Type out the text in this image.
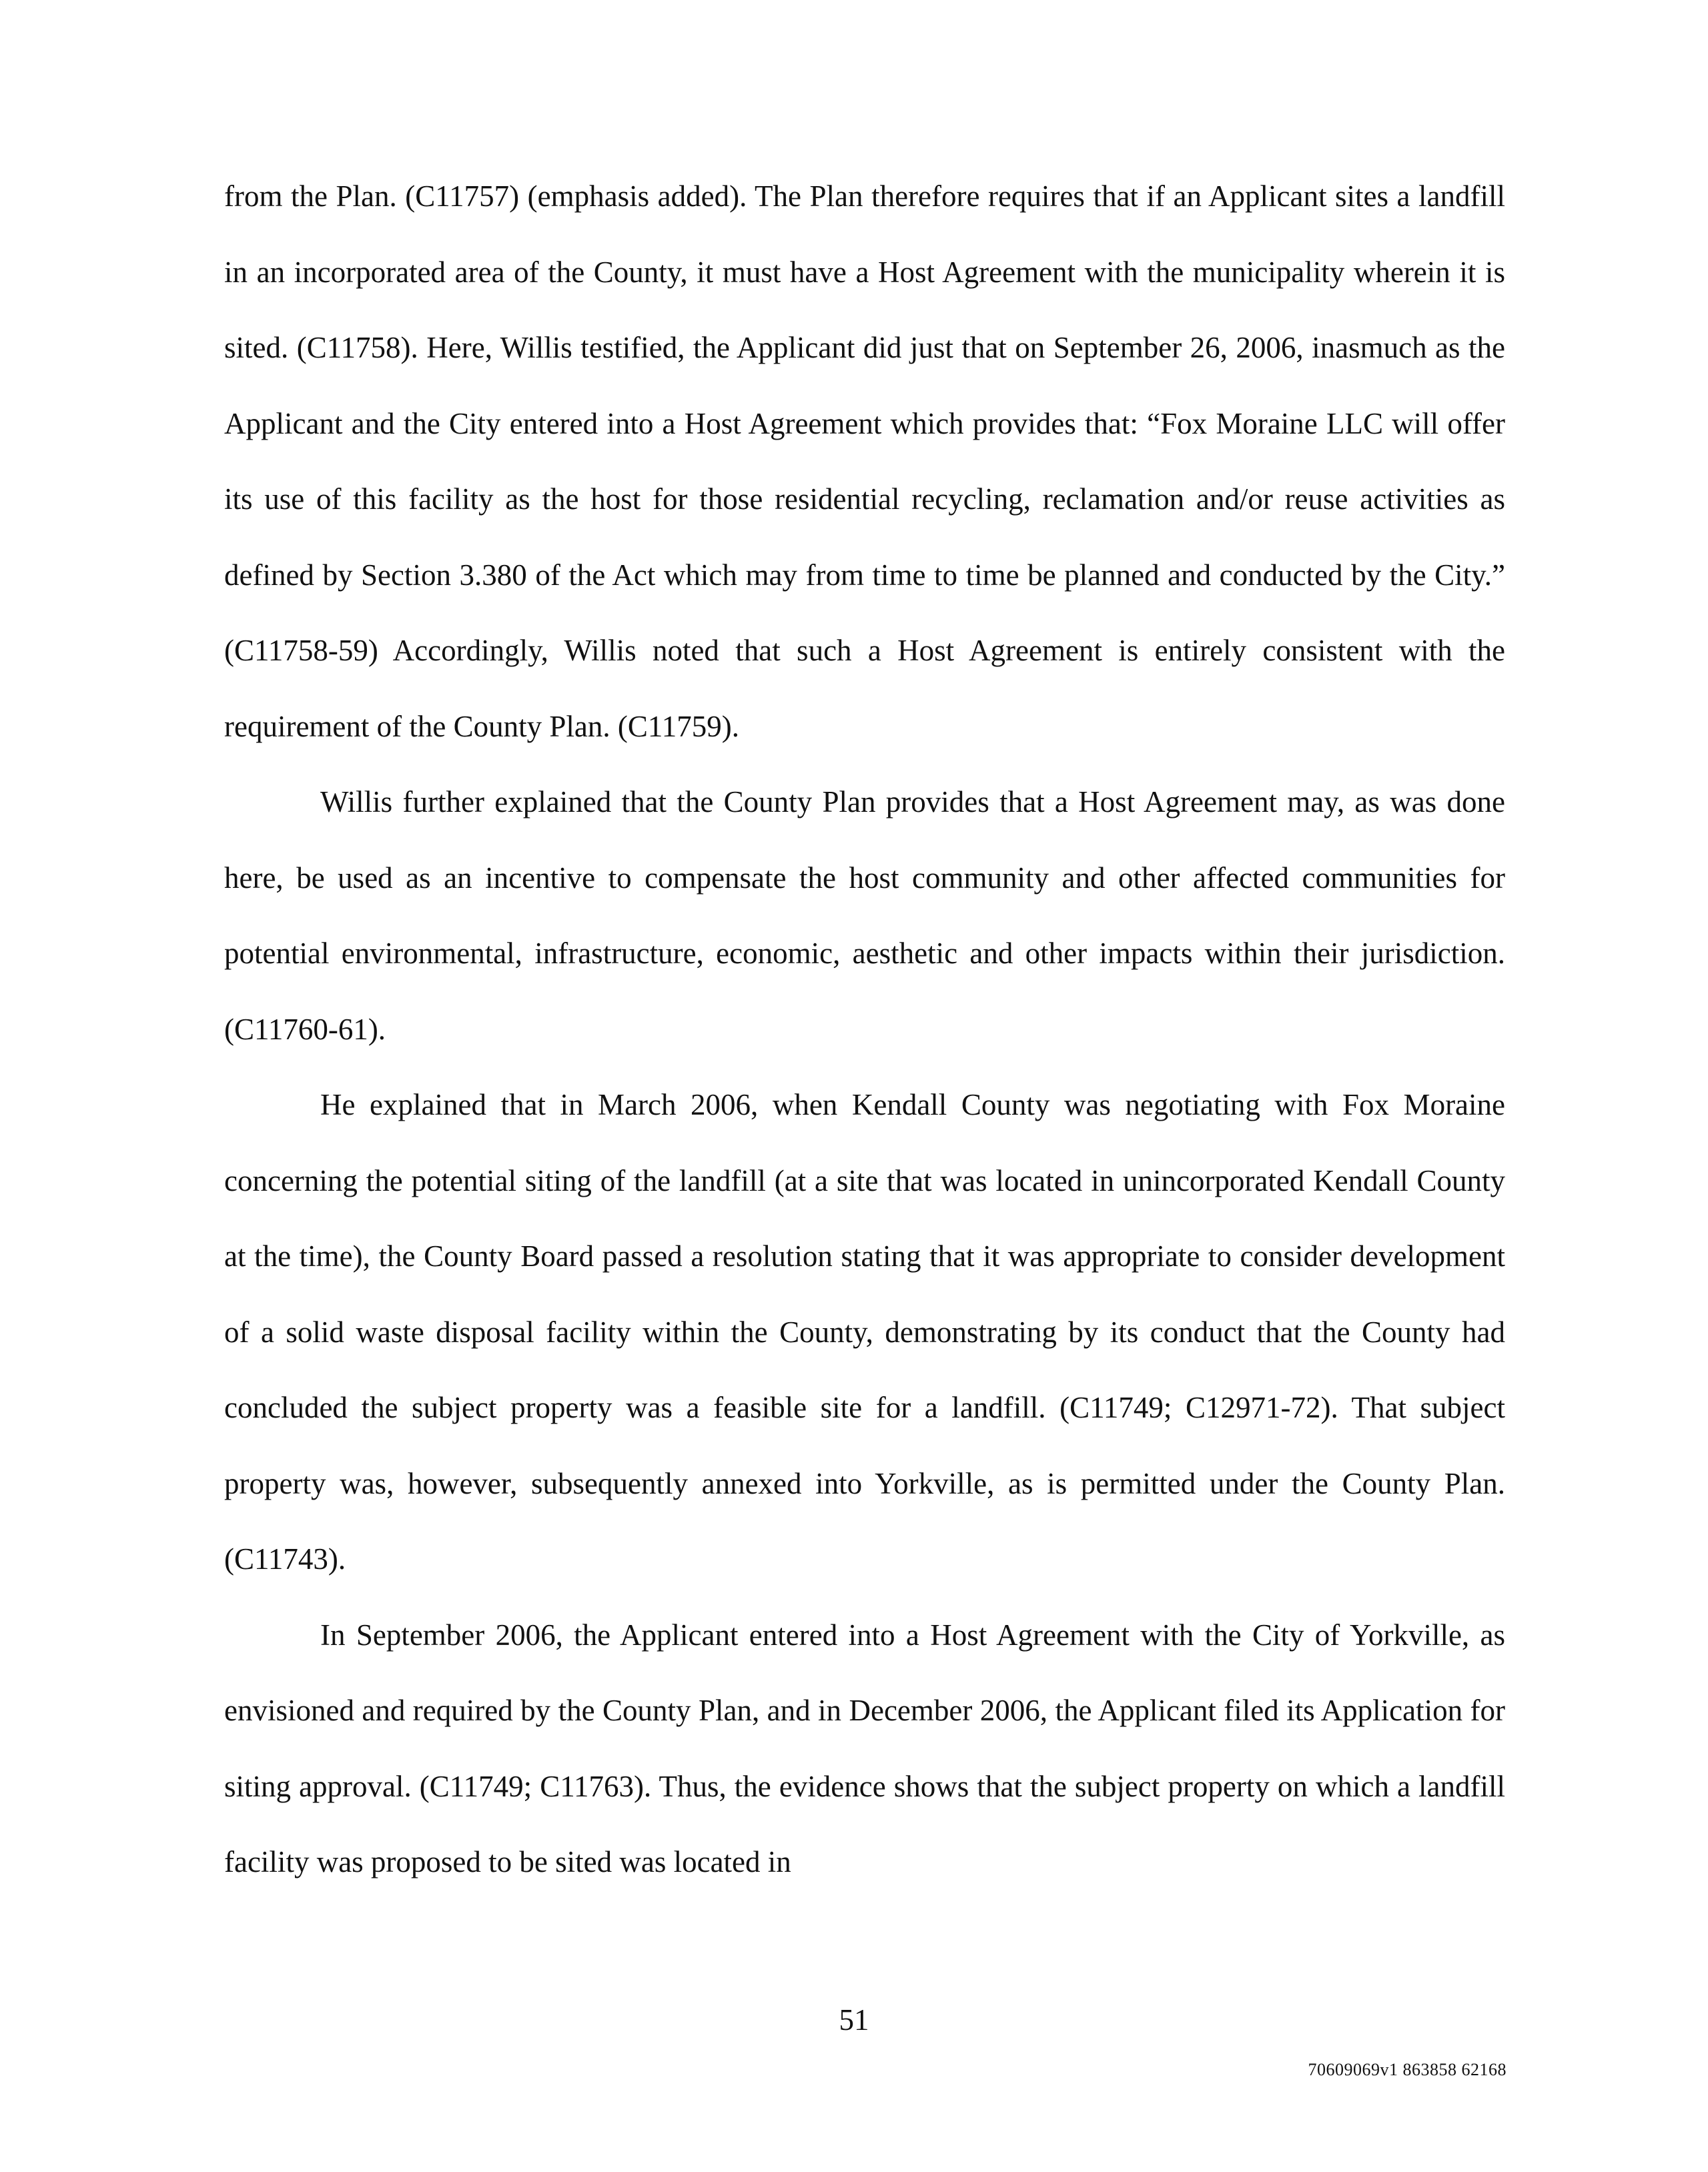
from the Plan. (C11757) (emphasis added). The Plan therefore requires that if an Applicant sites a landfill in an incorporated area of the County, it must have a Host Agreement with the municipality wherein it is sited. (C11758). Here, Willis testified, the Applicant did just that on September 26, 2006, inasmuch as the Applicant and the City entered into a Host Agreement which provides that: “Fox Moraine LLC will offer its use of this facility as the host for those residential recycling, reclamation and/or reuse activities as defined by Section 3.380 of the Act which may from time to time be planned and conducted by the City.” (C11758-59) Accordingly, Willis noted that such a Host Agreement is entirely consistent with the requirement of the County Plan. (C11759).

Willis further explained that the County Plan provides that a Host Agreement may, as was done here, be used as an incentive to compensate the host community and other affected communities for potential environmental, infrastructure, economic, aesthetic and other impacts within their jurisdiction. (C11760-61).

He explained that in March 2006, when Kendall County was negotiating with Fox Moraine concerning the potential siting of the landfill (at a site that was located in unincorporated Kendall County at the time), the County Board passed a resolution stating that it was appropriate to consider development of a solid waste disposal facility within the County, demonstrating by its conduct that the County had concluded the subject property was a feasible site for a landfill. (C11749; C12971-72). That subject property was, however, subsequently annexed into Yorkville, as is permitted under the County Plan. (C11743).

In September 2006, the Applicant entered into a Host Agreement with the City of Yorkville, as envisioned and required by the County Plan, and in December 2006, the Applicant filed its Application for siting approval. (C11749; C11763). Thus, the evidence shows that the subject property on which a landfill facility was proposed to be sited was located in

51
70609069v1 863858 62168
